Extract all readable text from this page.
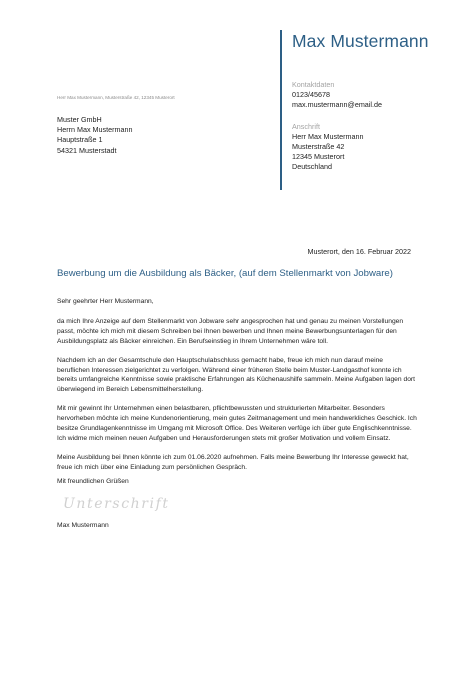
Max Mustermann
Kontaktdaten
0123/45678
max.mustermann@email.de
Anschrift
Herr Max Mustermann
Musterstraße 42
12345 Musterort
Deutschland
Herr Max Mustermann, Musterstraße 42, 12345 Musterort
Muster GmbH
Herrn Max Mustermann
Hauptstraße 1
54321 Musterstadt
Musterort, den 16. Februar 2022
Bewerbung um die Ausbildung als Bäcker, (auf dem Stellenmarkt von Jobware)

Sehr geehrter Herr Mustermann,

da mich Ihre Anzeige auf dem Stellenmarkt von Jobware sehr angesprochen hat und genau zu meinen Vorstellungen passt, möchte ich mich mit diesem Schreiben bei Ihnen bewerben und Ihnen meine Bewerbungsunterlagen für den Ausbildungsplatz als Bäcker einreichen. Ein Berufseinstieg in Ihrem Unternehmen wäre toll.

Nachdem ich an der Gesamtschule den Hauptschulabschluss gemacht habe, freue ich mich nun darauf meine beruflichen Interessen zielgerichtet zu verfolgen. Während einer früheren Stelle beim Muster-Landgasthof konnte ich bereits umfangreiche Kenntnisse sowie praktische Erfahrungen als Küchenaushilfe sammeln. Meine Aufgaben lagen dort überwiegend im Bereich Lebensmittelherstellung.

Mit mir gewinnt Ihr Unternehmen einen belastbaren, pflichtbewussten und strukturierten Mitarbeiter. Besonders hervorheben möchte ich meine Kundenorientierung, mein gutes Zeitmanagement und mein handwerkliches Geschick. Ich besitze Grundlagenkenntnisse im Umgang mit Microsoft Office. Des Weiteren verfüge ich über gute Englischkenntnisse. Ich widme mich meinen neuen Aufgaben und Herausforderungen stets mit großer Motivation und vollem Einsatz.

Meine Ausbildung bei Ihnen könnte ich zum 01.06.2020 aufnehmen. Falls meine Bewerbung Ihr Interesse geweckt hat, freue ich mich über eine Einladung zum persönlichen Gespräch.

Mit freundlichen Grüßen
Unterschrift
Max Mustermann
